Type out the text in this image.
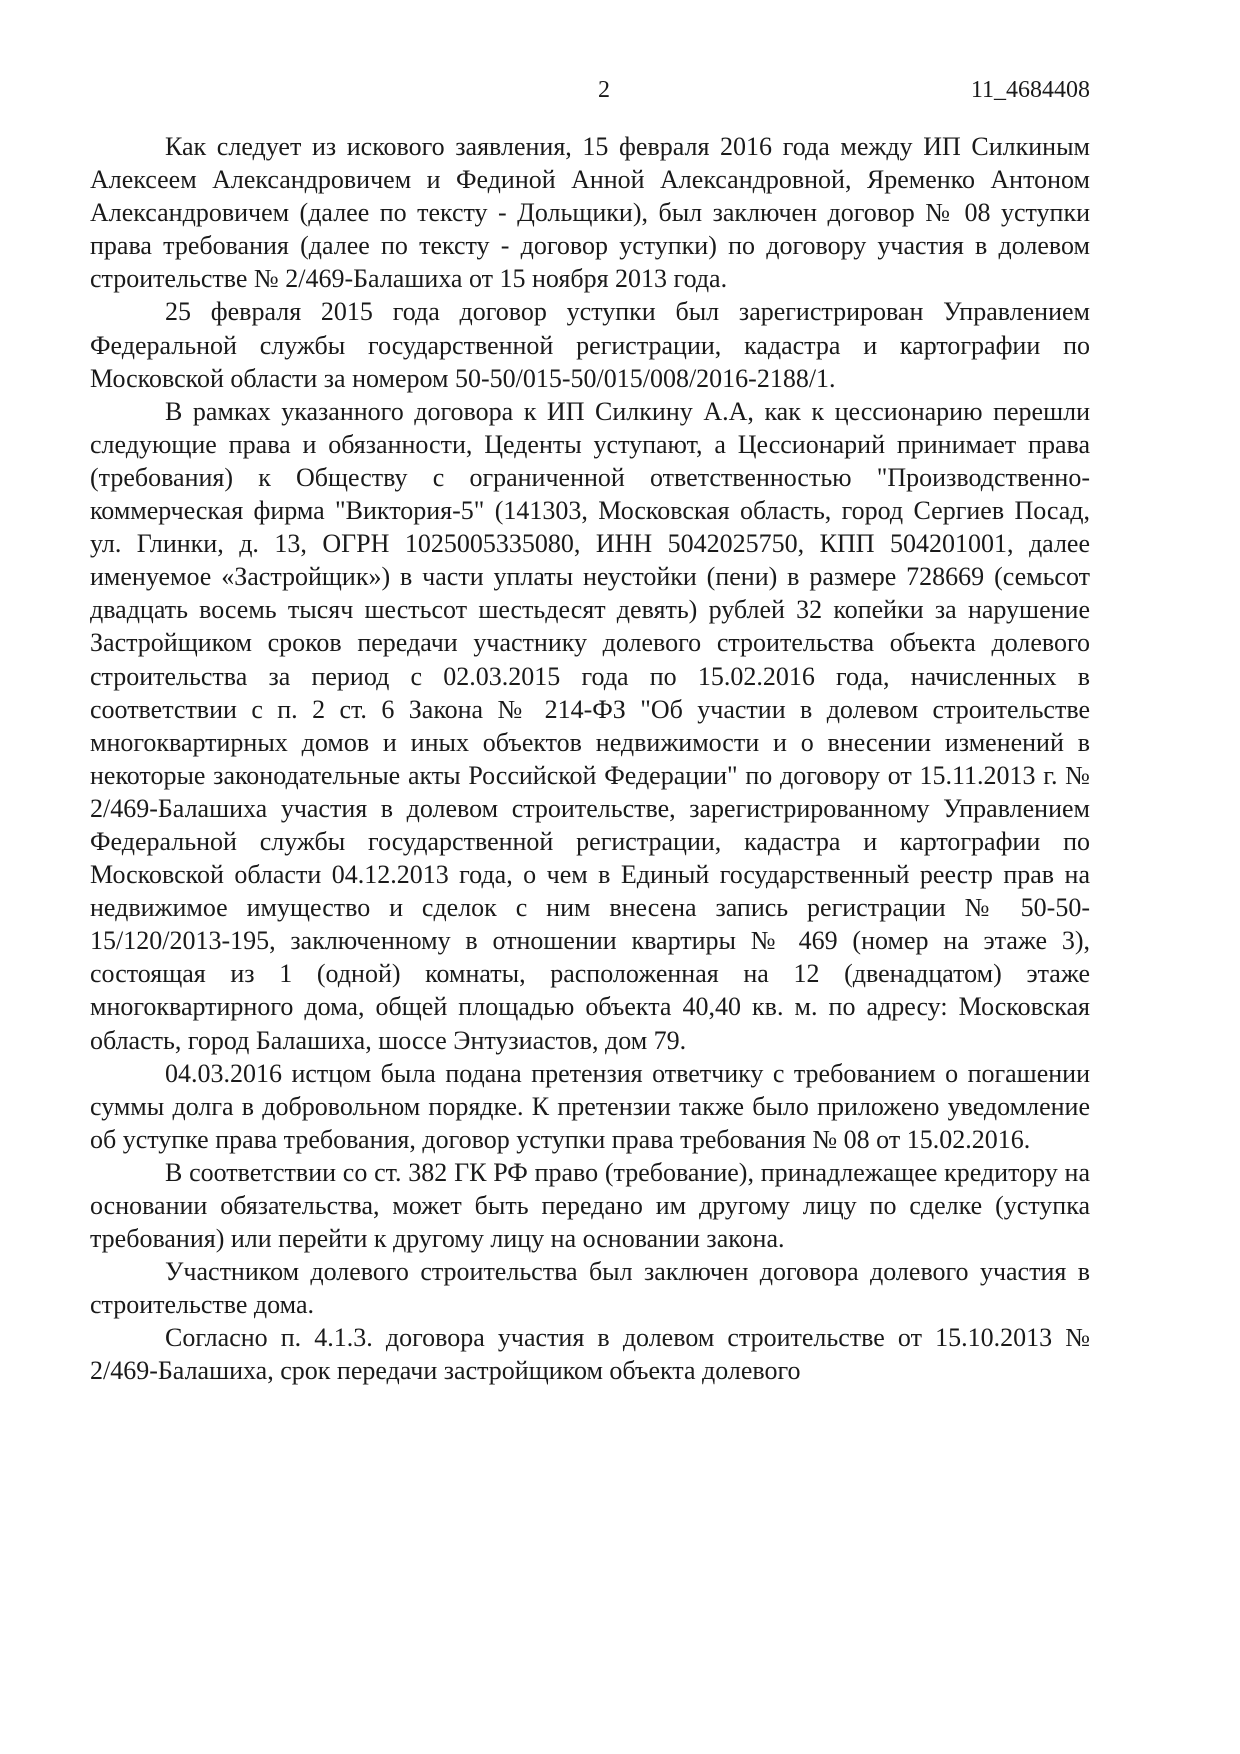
2	11_4684408

Как следует из искового заявления, 15 февраля 2016 года между ИП Силкиным Алексеем Александровичем и Фединой Анной Александровной, Яременко Антоном Александровичем (далее по тексту - Дольщики), был заключен договор № 08 уступки права требования (далее по тексту - договор уступки) по договору участия в долевом строительстве № 2/469-Балашиха от 15 ноября 2013 года.

25 февраля 2015 года договор уступки был зарегистрирован Управлением Федеральной службы государственной регистрации, кадастра и картографии по Московской области за номером 50-50/015-50/015/008/2016-2188/1.

В рамках указанного договора к ИП Силкину А.А, как к цессионарию перешли следующие права и обязанности, Цеденты уступают, а Цессионарий принимает права (требования) к Обществу с ограниченной ответственностью "Производственно-коммерческая фирма "Виктория-5" (141303, Московская область, город Сергиев Посад, ул. Глинки, д. 13, ОГРН 1025005335080, ИНН 5042025750, КПП 504201001, далее именуемое «Застройщик») в части уплаты неустойки (пени) в размере 728669 (семьсот двадцать восемь тысяч шестьсот шестьдесят девять) рублей 32 копейки за нарушение Застройщиком сроков передачи участнику долевого строительства объекта долевого строительства за период с 02.03.2015 года по 15.02.2016 года, начисленных в соответствии с п. 2 ст. 6 Закона № 214-ФЗ "Об участии в долевом строительстве многоквартирных домов и иных объектов недвижимости и о внесении изменений в некоторые законодательные акты Российской Федерации" по договору от 15.11.2013 г. № 2/469-Балашиха участия в долевом строительстве, зарегистрированному Управлением Федеральной службы государственной регистрации, кадастра и картографии по Московской области 04.12.2013 года, о чем в Единый государственный реестр прав на недвижимое имущество и сделок с ним внесена запись регистрации № 50-50-15/120/2013-195, заключенному в отношении квартиры № 469 (номер на этаже 3), состоящая из 1 (одной) комнаты, расположенная на 12 (двенадцатом) этаже многоквартирного дома, общей площадью объекта 40,40 кв. м. по адресу: Московская область, город Балашиха, шоссе Энтузиастов, дом 79.

04.03.2016 истцом была подана претензия ответчику с требованием о погашении суммы долга в добровольном порядке. К претензии также было приложено уведомление об уступке права требования, договор уступки права требования № 08 от 15.02.2016.

В соответствии со ст. 382 ГК РФ право (требование), принадлежащее кредитору на основании обязательства, может быть передано им другому лицу по сделке (уступка требования) или перейти к другому лицу на основании закона.

Участником долевого строительства был заключен договора долевого участия в строительстве дома.

Согласно п. 4.1.3. договора участия в долевом строительстве от 15.10.2013 № 2/469-Балашиха, срок передачи застройщиком объекта долевого
